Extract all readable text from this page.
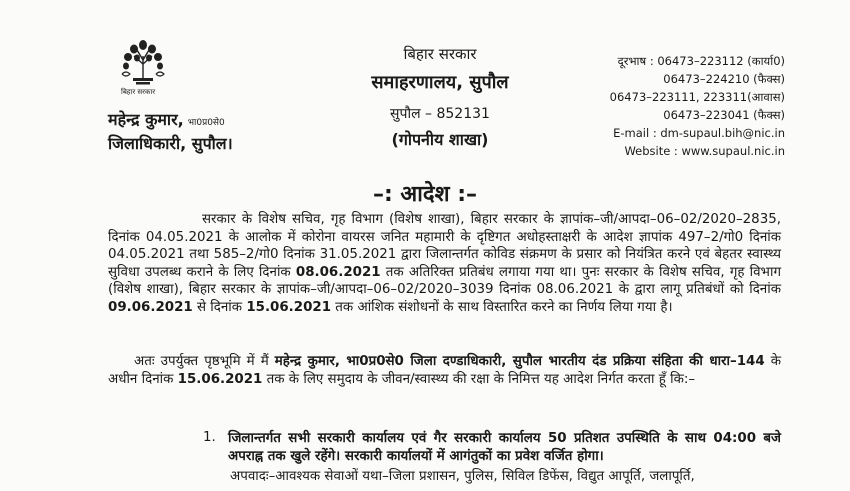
बिहार सरकार
महेन्द्र कुमार, भा0प्र0से0
जिलाधिकारी, सुपौल।
बिहार सरकार
समाहरणालय, सुपौल
सुपौल – 852131
(गोपनीय शाखा)
दूरभाष : 06473–223112 (कार्या0)
06473–224210 (फैक्स)
06473–223111, 223311(आवास)
06473–223041 (फैक्स)
E-mail : dm-supaul.bih@nic.in
Website : www.supaul.nic.in
–: आदेश :–
सरकार के विशेष सचिव, गृह विभाग (विशेष शाखा), बिहार सरकार के ज्ञापांक–जी/आपदा–06–02/2020–2835, दिनांक 04.05.2021 के आलोक में कोरोना वायरस जनित महामारी के दृष्टिगत अधोहस्ताक्षरी के आदेश ज्ञापांक 497–2/गो0 दिनांक 04.05.2021 तथा 585–2/गो0 दिनांक 31.05.2021 द्वारा जिलान्तर्गत कोविड संक्रमण के प्रसार को नियंत्रित करने एवं बेहतर स्वास्थ्य सुविधा उपलब्ध कराने के लिए दिनांक 08.06.2021 तक अतिरिक्त प्रतिबंध लगाया गया था। पुनः सरकार के विशेष सचिव, गृह विभाग (विशेष शाखा), बिहार सरकार के ज्ञापांक–जी/आपदा–06–02/2020–3039 दिनांक 08.06.2021 के द्वारा लागू प्रतिबंधों को दिनांक 09.06.2021 से दिनांक 15.06.2021 तक आंशिक संशोधनों के साथ विस्तारित करने का निर्णय लिया गया है।
अतः उपर्युक्त पृष्ठभूमि में मैं महेन्द्र कुमार, भा0प्र0से0 जिला दण्डाधिकारी, सुपौल भारतीय दंड प्रक्रिया संहिता की धारा–144 के अधीन दिनांक 15.06.2021 तक के लिए समुदाय के जीवन/स्वास्थ्य की रक्षा के निमित्त यह आदेश निर्गत करता हूँ कि:–
1. जिलान्तर्गत सभी सरकारी कार्यालय एवं गैर सरकारी कार्यालय 50 प्रतिशत उपस्थिति के साथ 04:00 बजे अपराह्न तक खुले रहेंगे। सरकारी कार्यालयों में आगंतुकों का प्रवेश वर्जित होगा।
अपवादः–आवश्यक सेवाओं यथा–जिला प्रशासन, पुलिस, सिविल डिफेंस, विद्युत आपूर्ति, जलापूर्ति,
